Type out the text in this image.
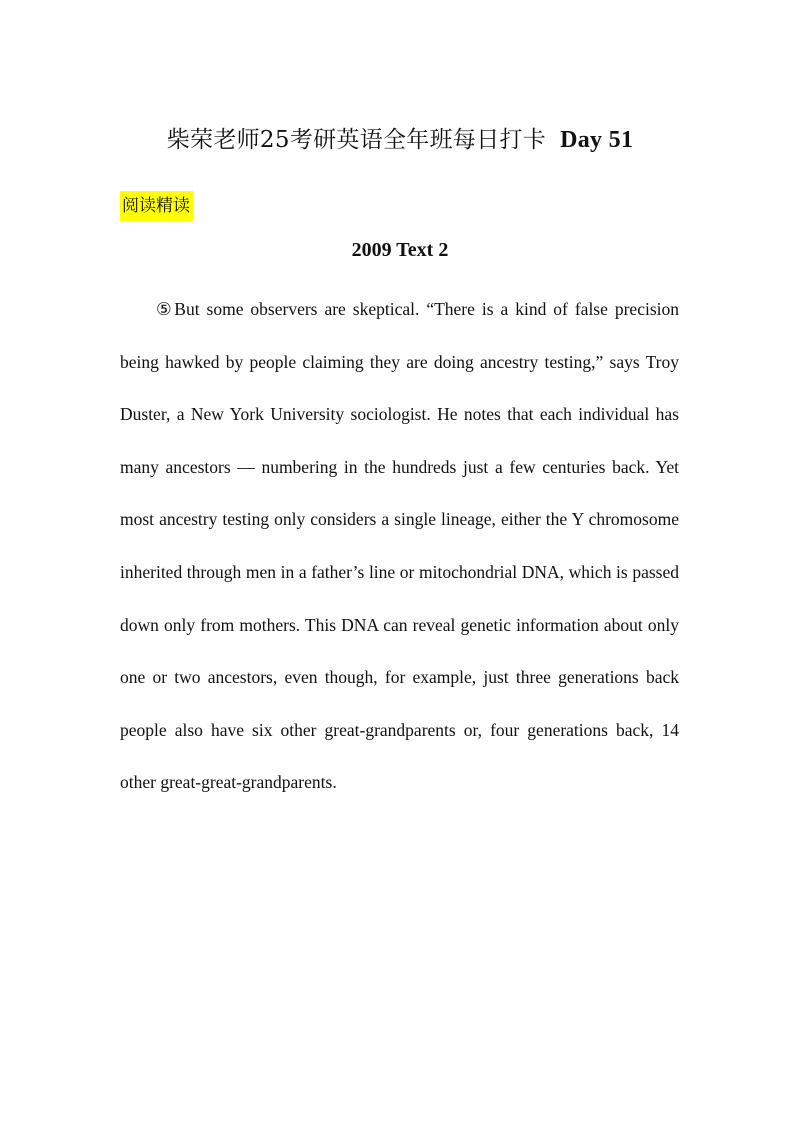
柴荣老师25考研英语全年班每日打卡 Day 51
阅读精读
2009 Text 2

⑤But some observers are skeptical. “There is a kind of false precision being hawked by people claiming they are doing ancestry testing,” says Troy Duster, a New York University sociologist. He notes that each individual has many ancestors — numbering in the hundreds just a few centuries back. Yet most ancestry testing only considers a single lineage, either the Y chromosome inherited through men in a father’s line or mitochondrial DNA, which is passed down only from mothers. This DNA can reveal genetic information about only one or two ancestors, even though, for example, just three generations back people also have six other great-grandparents or, four generations back, 14 other great-great-grandparents.
